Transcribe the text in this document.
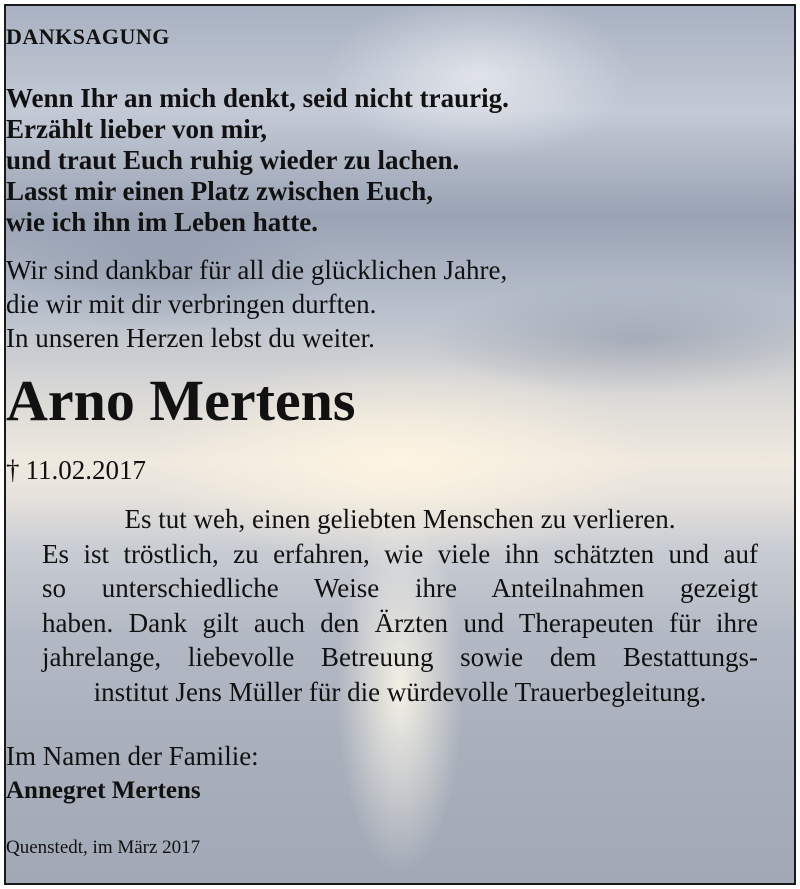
DANKSAGUNG
Wenn Ihr an mich denkt, seid nicht traurig.
Erzählt lieber von mir,
und traut Euch ruhig wieder zu lachen.
Lasst mir einen Platz zwischen Euch,
wie ich ihn im Leben hatte.
Wir sind dankbar für all die glücklichen Jahre,
die wir mit dir verbringen durften.
In unseren Herzen lebst du weiter.
Arno Mertens
† 11.02.2017
Es tut weh, einen geliebten Menschen zu verlieren.
Es ist tröstlich, zu erfahren, wie viele ihn schätzten und auf
so unterschiedliche Weise ihre Anteilnahmen gezeigt
haben. Dank gilt auch den Ärzten und Therapeuten für ihre
jahrelange, liebevolle Betreuung sowie dem Bestattungs-
institut Jens Müller für die würdevolle Trauerbegleitung.
Im Namen der Familie:
Annegret Mertens
Quenstedt, im März 2017
